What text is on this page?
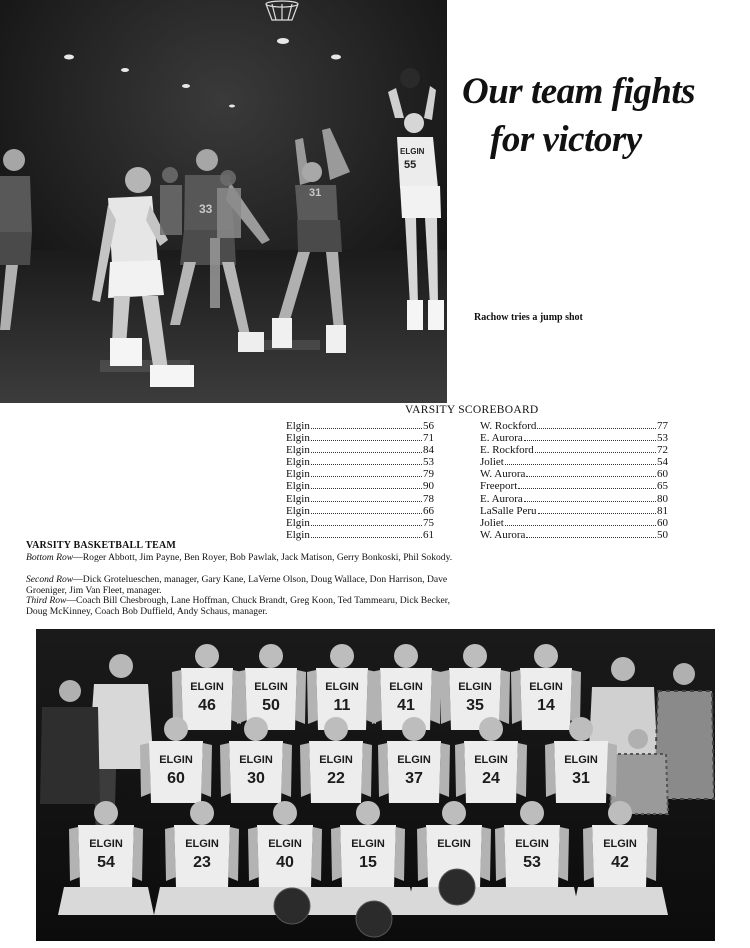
ELGIN
55
31
33
Our team fights
for victory
Rachow tries a jump shot
VARSITY SCOREBOARD
Elgin	56
Elgin	71
Elgin	84
Elgin	53
Elgin	79
Elgin	90
Elgin	78
Elgin	66
Elgin	75
Elgin	61
W. Rockford	77
E. Aurora	53
E. Rockford	72
Joliet	54
W. Aurora	60
Freeport	65
E. Aurora	80
LaSalle Peru	81
Joliet	60
W. Aurora	50
VARSITY BASKETBALL TEAM
Bottom Row—Roger Abbott, Jim Payne, Ben Royer, Bob Pawlak, Jack Matison, Gerry Bonkoski, Phil Sokody.
Second Row—Dick Grotelueschen, manager, Gary Kane, LaVerne Olson, Doug Wallace, Don Harrison, Dave Groeniger, Jim Van Fleet, manager.
Third Row—Coach Bill Chesbrough, Lane Hoffman, Chuck Brandt, Greg Koon, Ted Tammearu, Dick Becker, Doug McKinney, Coach Bob Duffield, Andy Schaus, manager.
ELGIN
46
ELGIN
50
ELGIN
11
ELGIN
41
ELGIN
35
ELGIN
14
ELGIN
60
ELGIN
30
ELGIN
22
ELGIN
37
ELGIN
24
ELGIN
31
ELGIN
54
ELGIN
23
ELGIN
40
ELGIN
15
ELGIN	ELGIN
53
ELGIN
42
